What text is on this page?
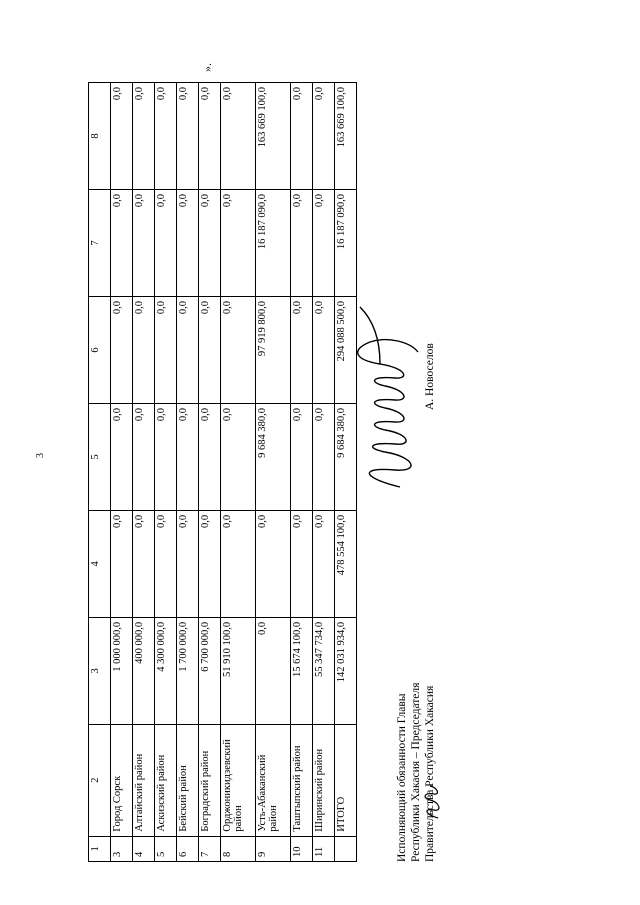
3
1	2	3	4	5	6	7	8
3	Город Сорск	1 000 000,0	0,0	0,0	0,0	0,0	0,0
4	Алтайский район	400 000,0	0,0	0,0	0,0	0,0	0,0
5	Аскизский район	4 300 000,0	0,0	0,0	0,0	0,0	0,0
6	Бейский район	1 700 000,0	0,0	0,0	0,0	0,0	0,0
7	Боградский район	6 700 000,0	0,0	0,0	0,0	0,0	0,0
8	Орджоникидзевский район	51 910 100,0	0,0	0,0	0,0	0,0	0,0
9	Усть-Абаканский район	0,0	0,0	9 684 380,0	97 919 800,0	16 187 090,0	163 669 100,0
10	Таштыпский район	15 674 100,0	0,0	0,0	0,0	0,0	0,0
11	Ширинский район	55 347 734,0	0,0	0,0	0,0	0,0	0,0
	ИТОГО	142 031 934,0	478 554 100,0	9 684 380,0	294 088 500,0	16 187 090,0	163 669 100,0
».
Исполняющий обязанности Главы Республики Хакасия – Председателя Правительства Республики Хакасия
А. Новоселов
